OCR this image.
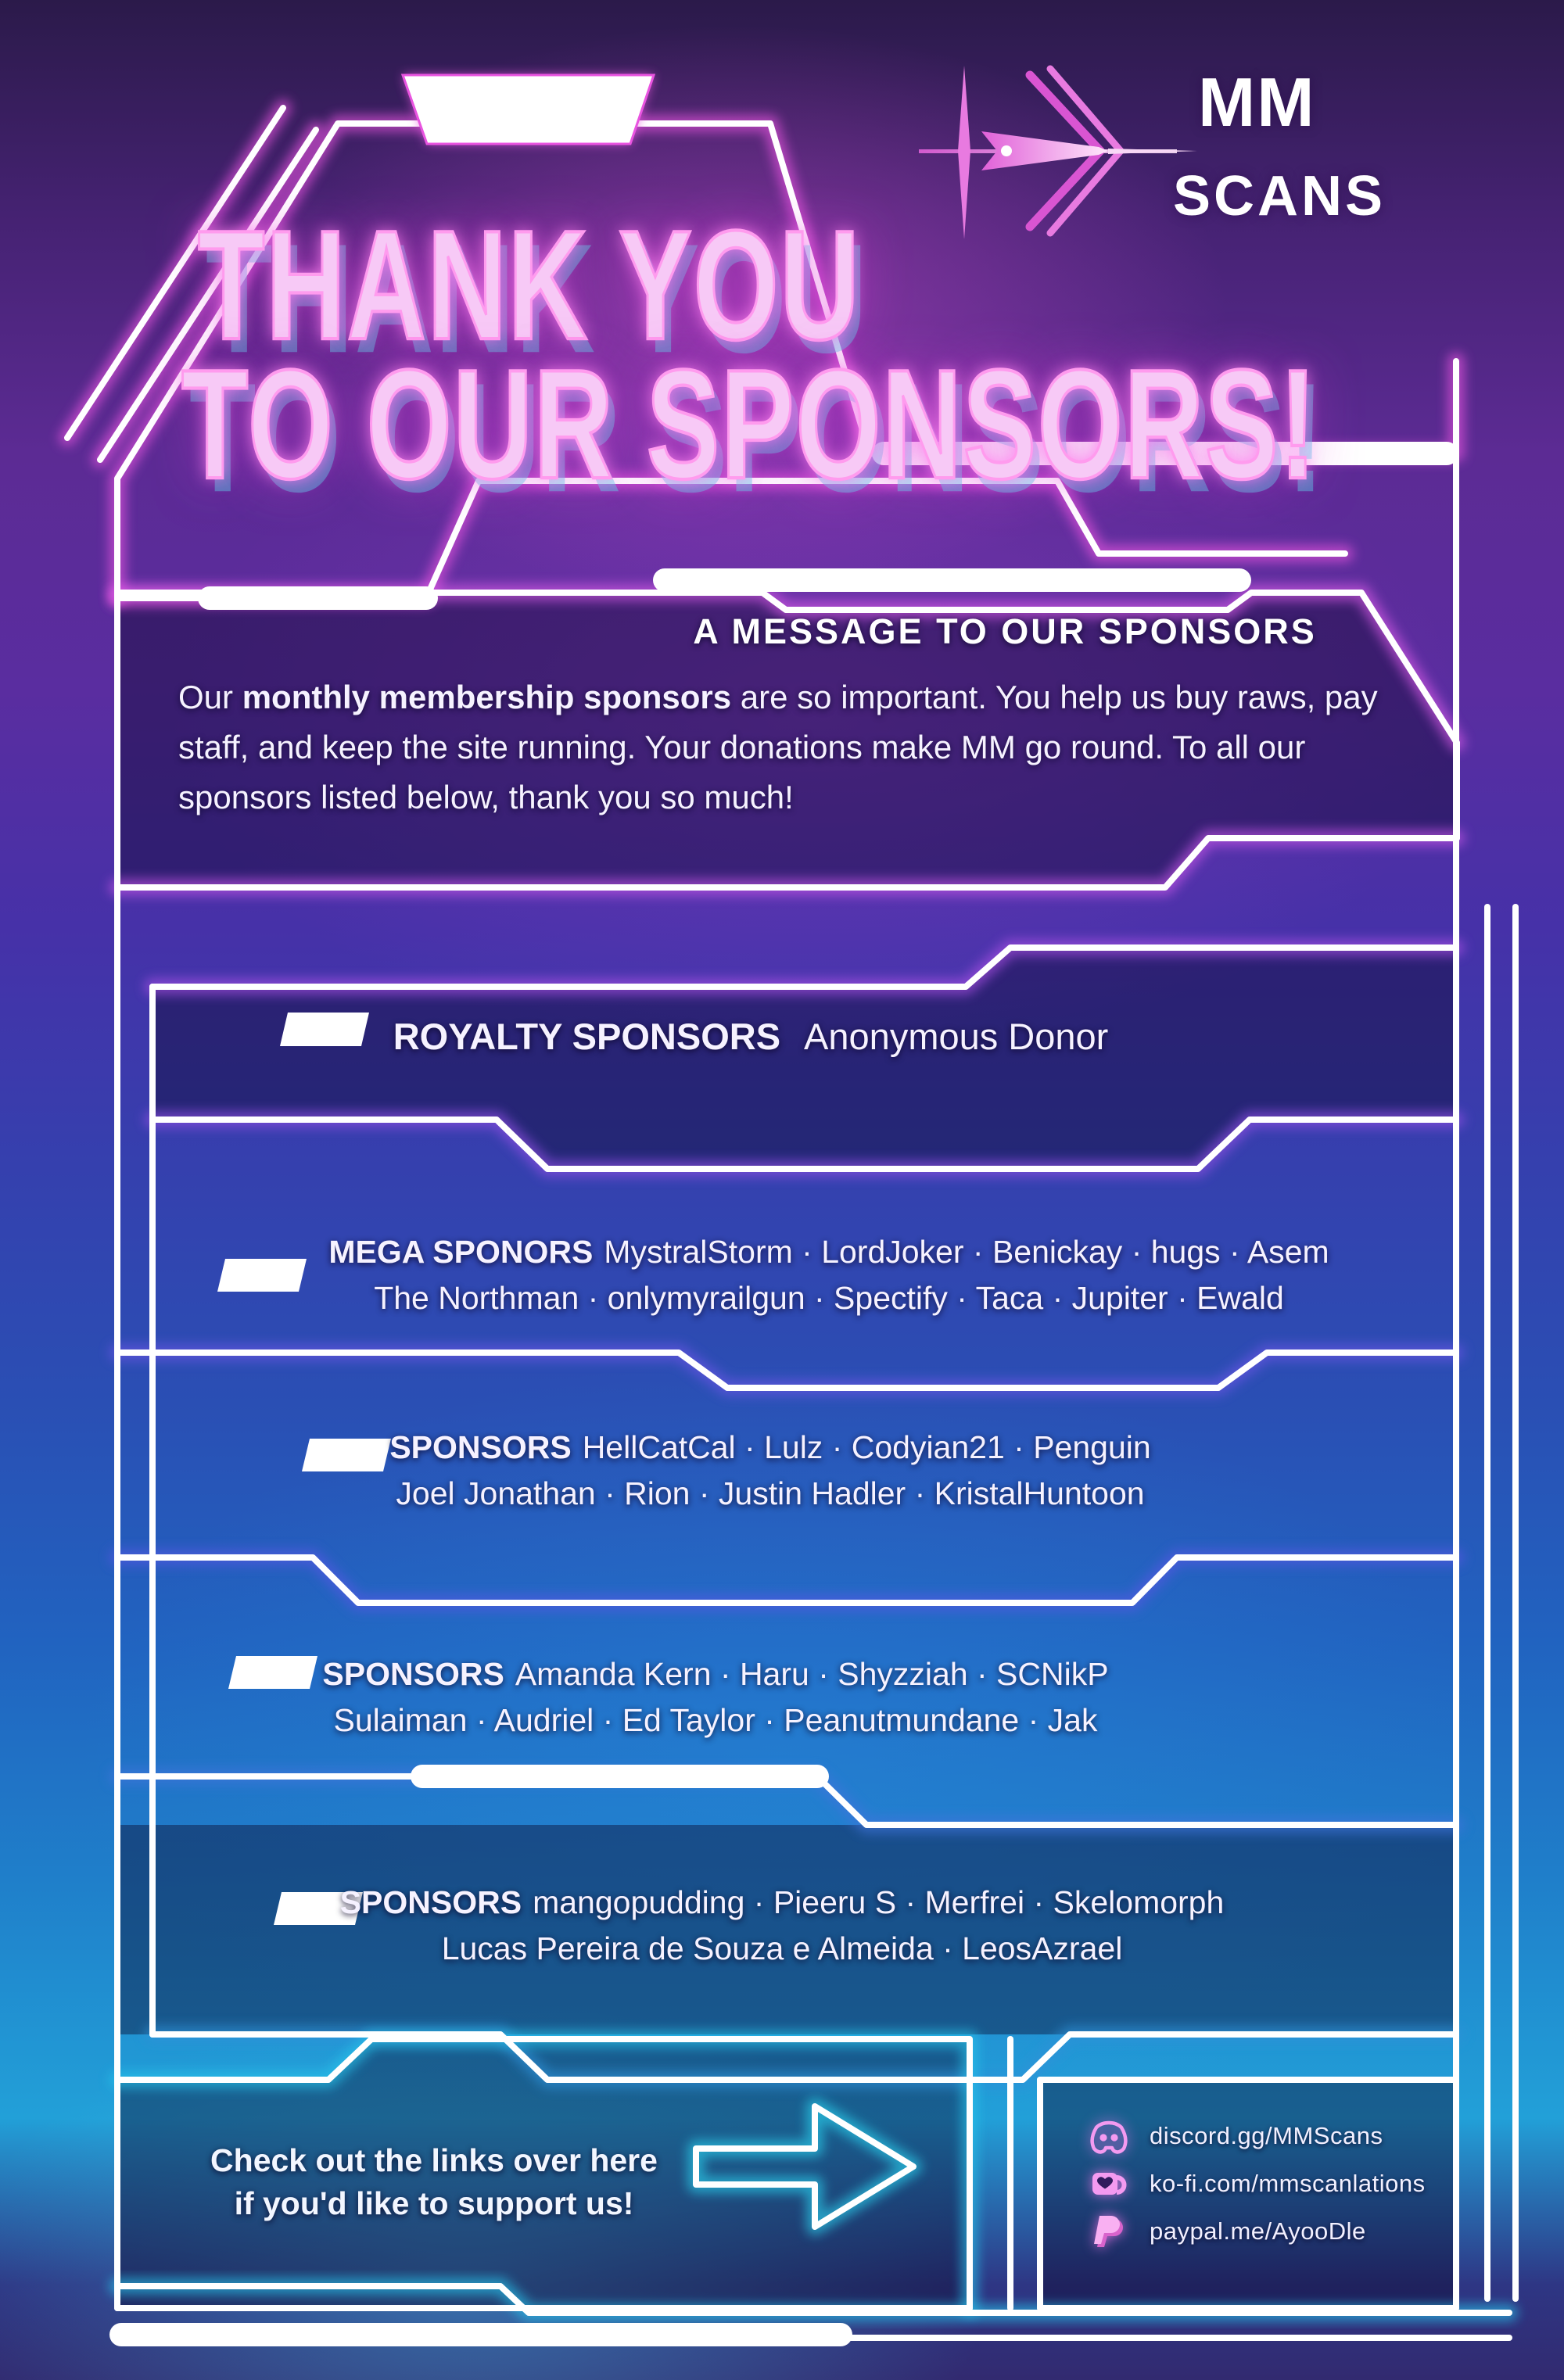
MM
SCANS
THANK YOU
TO OUR SPONSORS!
A MESSAGE TO OUR SPONSORS
Our monthly membership sponsors are so important. You help us buy raws, pay staff, and keep the site running. Your donations make MM go round. To all our sponsors listed below, thank you so much!
ROYALTY SPONSORS Anonymous Donor
MEGA SPONORS MystralStorm · LordJoker · Benickay · hugs · Asem
The Northman · onlymyrailgun · Spectify · Taca · Jupiter · Ewald
SPONSORS HellCatCal · Lulz · Codyian21 · Penguin
Joel Jonathan · Rion · Justin Hadler · KristalHuntoon
SPONSORS Amanda Kern · Haru · Shyzziah · SCNikP
Sulaiman · Audriel · Ed Taylor · Peanutmundane · Jak
SPONSORS mangopudding · Pieeru S · Merfrei · Skelomorph
Lucas Pereira de Souza e Almeida · LeosAzrael
Check out the links over here
if you'd like to support us!
discord.gg/MMScans
ko-fi.com/mmscanlations
paypal.me/AyooDle
